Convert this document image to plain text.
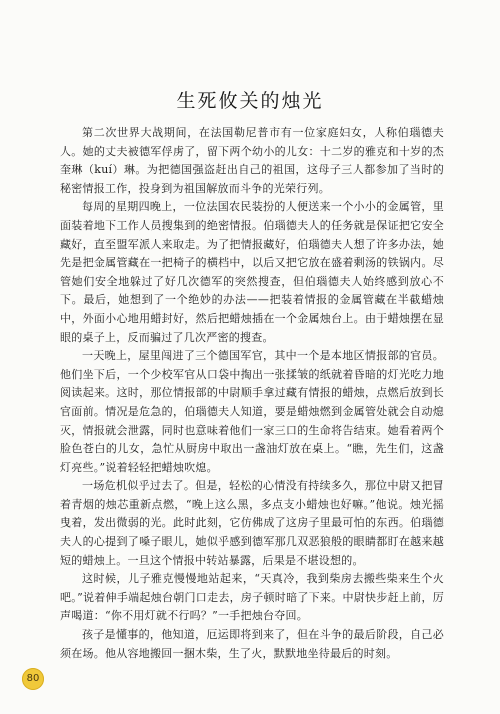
生死攸关的烛光

第二次世界大战期间，在法国勒尼普市有一位家庭妇女，人称伯瑙德夫人。她的丈夫被德军俘虏了，留下两个幼小的儿女：十二岁的雅克和十岁的杰奎琳（kuí）琳。为把德国强盗赶出自己的祖国，这母子三人都参加了当时的秘密情报工作，投身到为祖国解放而斗争的光荣行列。

每周的星期四晚上，一位法国农民装扮的人便送来一个小小的金属管，里面装着地下工作人员搜集到的绝密情报。伯瑙德夫人的任务就是保证把它安全藏好，直至盟军派人来取走。为了把情报藏好，伯瑙德夫人想了许多办法，她先是把金属管藏在一把椅子的横档中，以后又把它放在盛着剩汤的铁锅内。尽管她们安全地躲过了好几次德军的突然搜查，但伯瑙德夫人始终感到放心不下。最后，她想到了一个绝妙的办法——把装着情报的金属管藏在半截蜡烛中，外面小心地用蜡封好，然后把蜡烛插在一个金属烛台上。由于蜡烛摆在显眼的桌子上，反而骗过了几次严密的搜查。

一天晚上，屋里闯进了三个德国军官，其中一个是本地区情报部的官员。他们坐下后，一个少校军官从口袋中掏出一张揉皱的纸就着昏暗的灯光吃力地阅读起来。这时，那位情报部的中尉顺手拿过藏有情报的蜡烛，点燃后放到长官面前。情况是危急的，伯瑙德夫人知道，要是蜡烛燃到金属管处就会自动熄灭，情报就会泄露，同时也意味着他们一家三口的生命将告结束。她看着两个脸色苍白的儿女，急忙从厨房中取出一盏油灯放在桌上。“瞧，先生们，这盏灯亮些。”说着轻轻把蜡烛吹熄。

一场危机似乎过去了。但是，轻松的心情没有持续多久，那位中尉又把冒着青烟的烛芯重新点燃，“晚上这么黑，多点支小蜡烛也好嘛。”他说。烛光摇曳着，发出微弱的光。此时此刻，它仿佛成了这房子里最可怕的东西。伯瑙德夫人的心提到了嗓子眼儿，她似乎感到德军那几双恶狼般的眼睛都盯在越来越短的蜡烛上。一旦这个情报中转站暴露，后果是不堪设想的。

这时候，儿子雅克慢慢地站起来，“天真冷，我到柴房去搬些柴来生个火吧。”说着伸手端起烛台朝门口走去，房子顿时暗了下来。中尉快步赶上前，厉声喝道：“你不用灯就不行吗？”一手把烛台夺回。

孩子是懂事的，他知道，厄运即将到来了，但在斗争的最后阶段，自己必须在场。他从容地搬回一捆木柴，生了火，默默地坐待最后的时刻。

80
